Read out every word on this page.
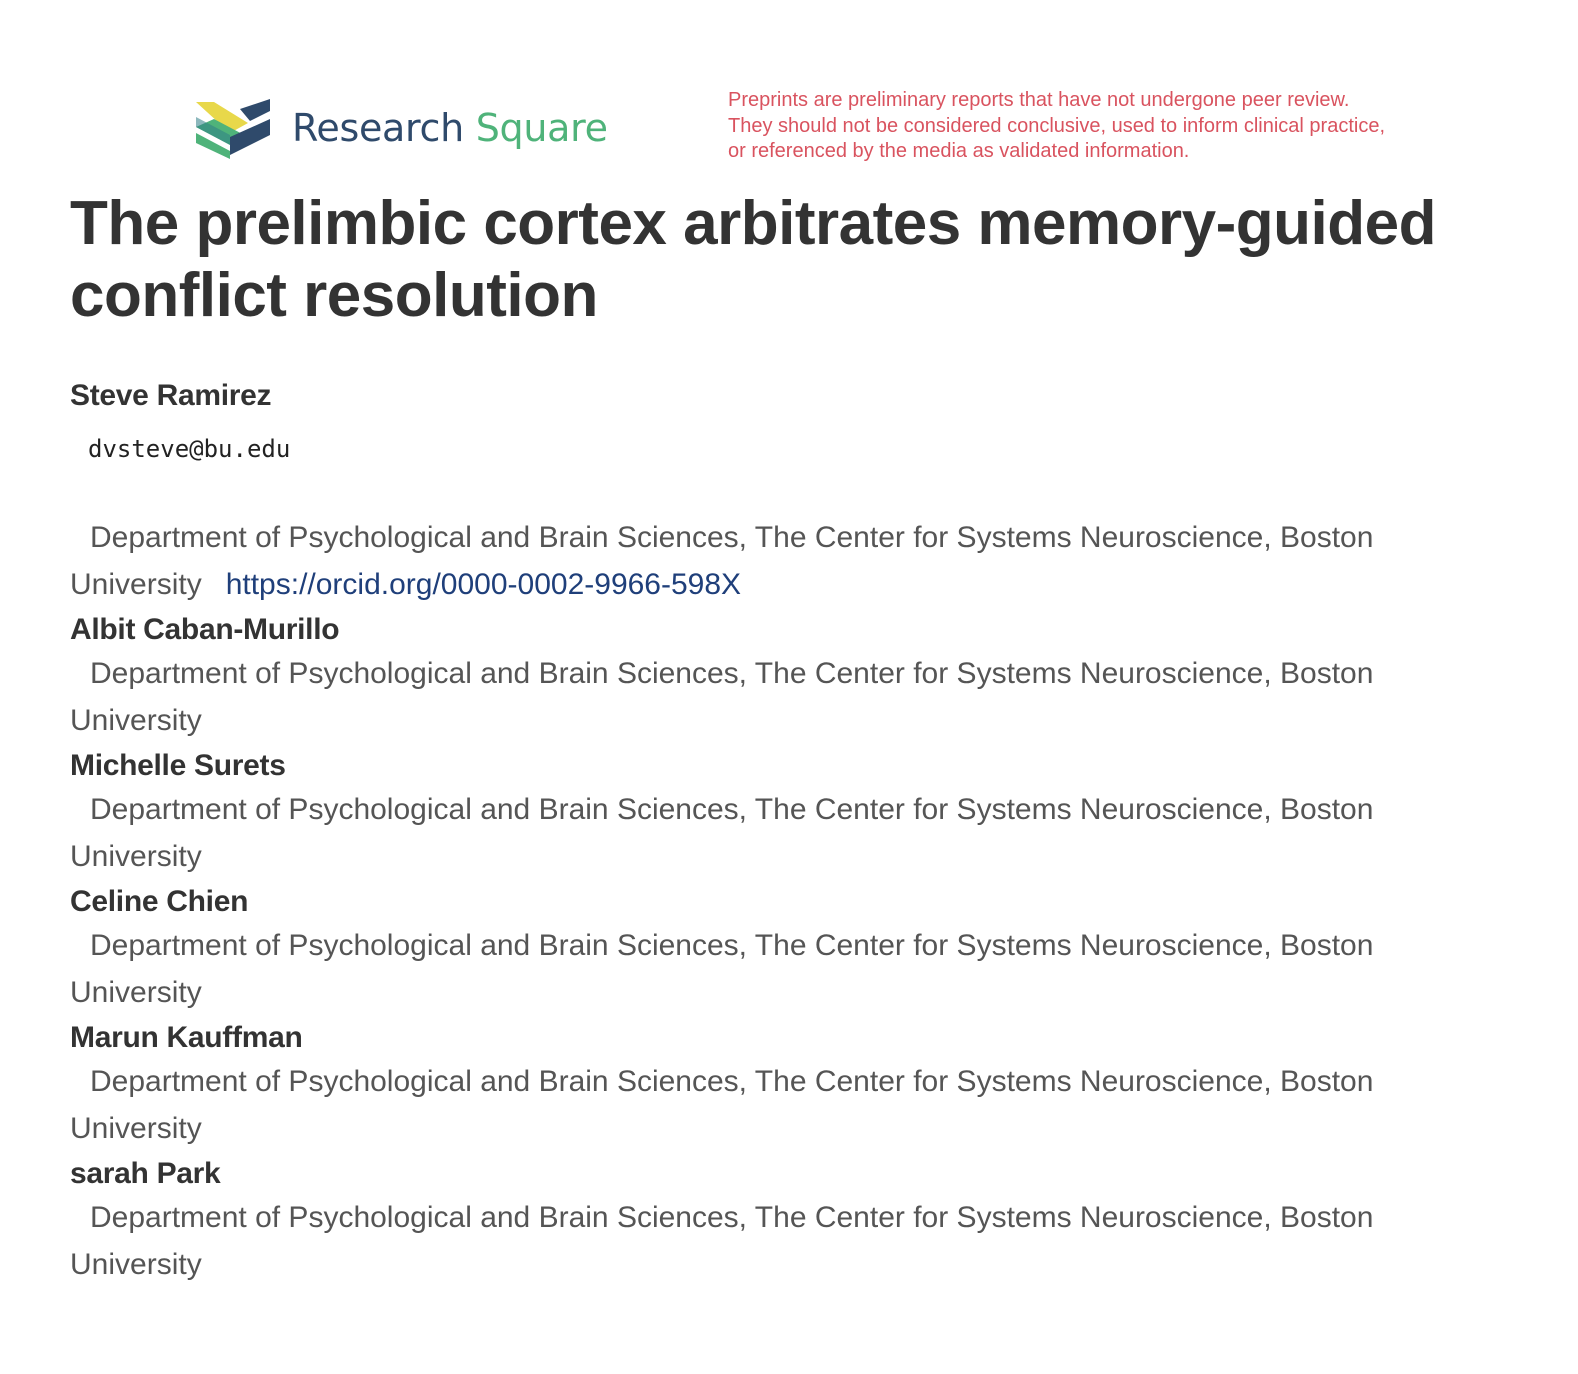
Research Square
Preprints are preliminary reports that have not undergone peer review.
They should not be considered conclusive, used to inform clinical practice,
or referenced by the media as validated information.
The prelimbic cortex arbitrates memory-guided conflict resolution
Steve Ramirez
dvsteve@bu.edu
Department of Psychological and Brain Sciences, The Center for Systems Neuroscience, Boston University https://orcid.org/0000-0002-9966-598X
Albit Caban-Murillo
Department of Psychological and Brain Sciences, The Center for Systems Neuroscience, Boston University
Michelle Surets
Department of Psychological and Brain Sciences, The Center for Systems Neuroscience, Boston University
Celine Chien
Department of Psychological and Brain Sciences, The Center for Systems Neuroscience, Boston University
Marun Kauffman
Department of Psychological and Brain Sciences, The Center for Systems Neuroscience, Boston University
sarah Park
Department of Psychological and Brain Sciences, The Center for Systems Neuroscience, Boston University
